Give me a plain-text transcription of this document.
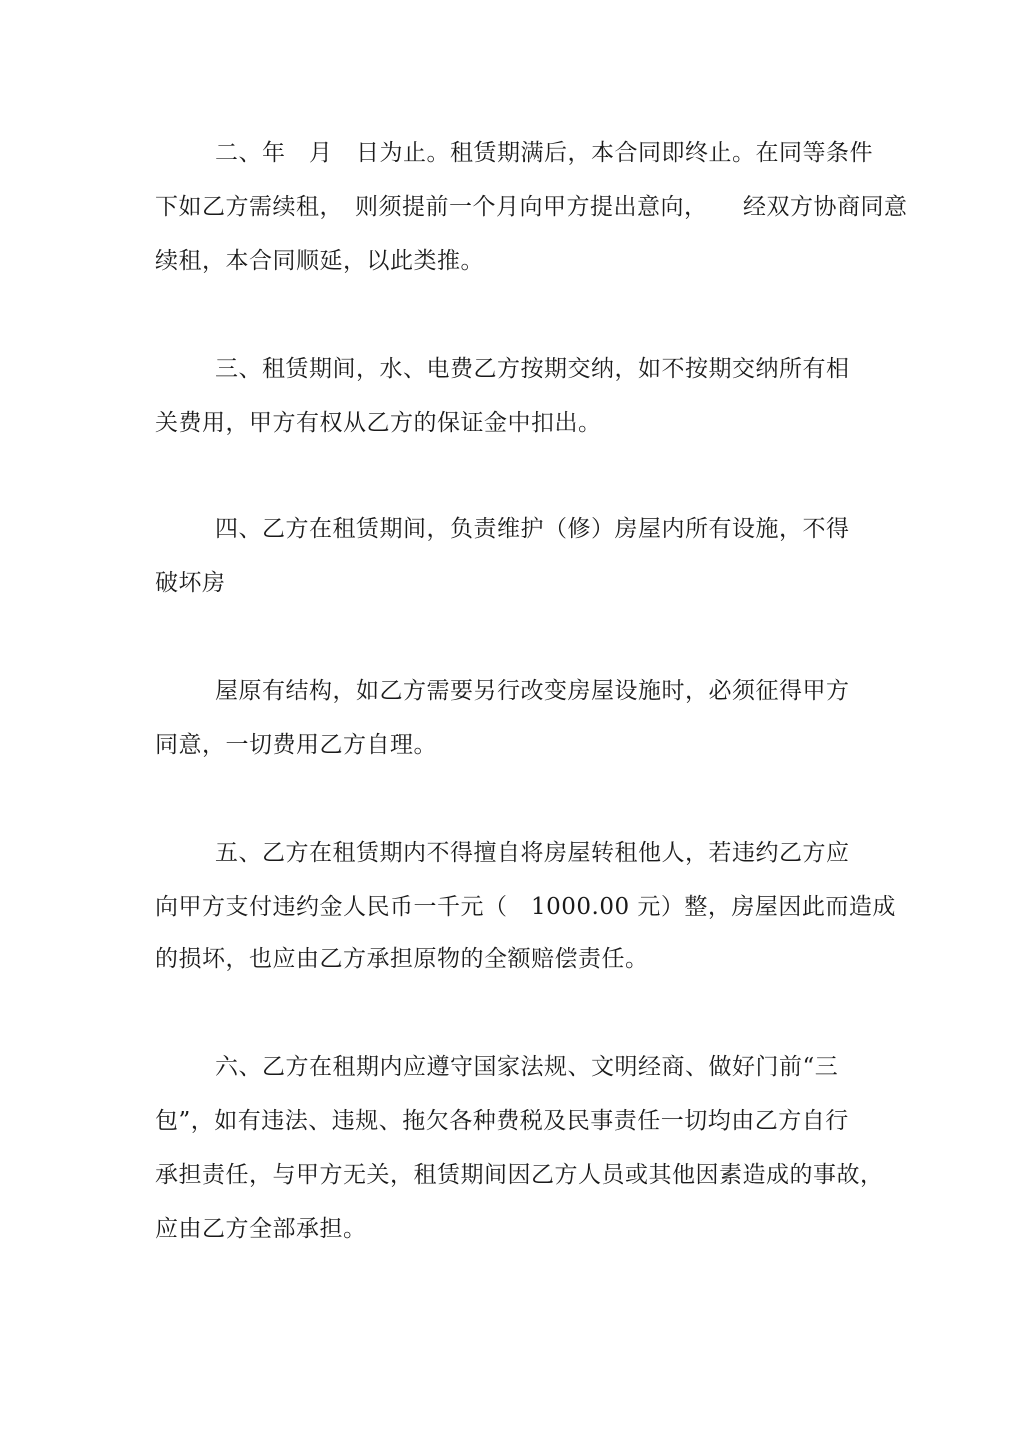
二、年　月　日为止。租赁期满后，本合同即终止。在同等条件

下如乙方需续租，　则须提前一个月向甲方提出意向，　　经双方协商同意

续租，本合同顺延，以此类推。

三、租赁期间，水、电费乙方按期交纳，如不按期交纳所有相

关费用，甲方有权从乙方的保证金中扣出。

四、乙方在租赁期间，负责维护（修）房屋内所有设施，不得

破坏房

屋原有结构，如乙方需要另行改变房屋设施时，必须征得甲方

同意，一切费用乙方自理。

五、乙方在租赁期内不得擅自将房屋转租他人，若违约乙方应

向甲方支付违约金人民币一千元（　1000.00 元）整，房屋因此而造成

的损坏，也应由乙方承担原物的全额赔偿责任。

六、乙方在租期内应遵守国家法规、文明经商、做好门前“三

包”，如有违法、违规、拖欠各种费税及民事责任一切均由乙方自行

承担责任，与甲方无关，租赁期间因乙方人员或其他因素造成的事故，

应由乙方全部承担。
